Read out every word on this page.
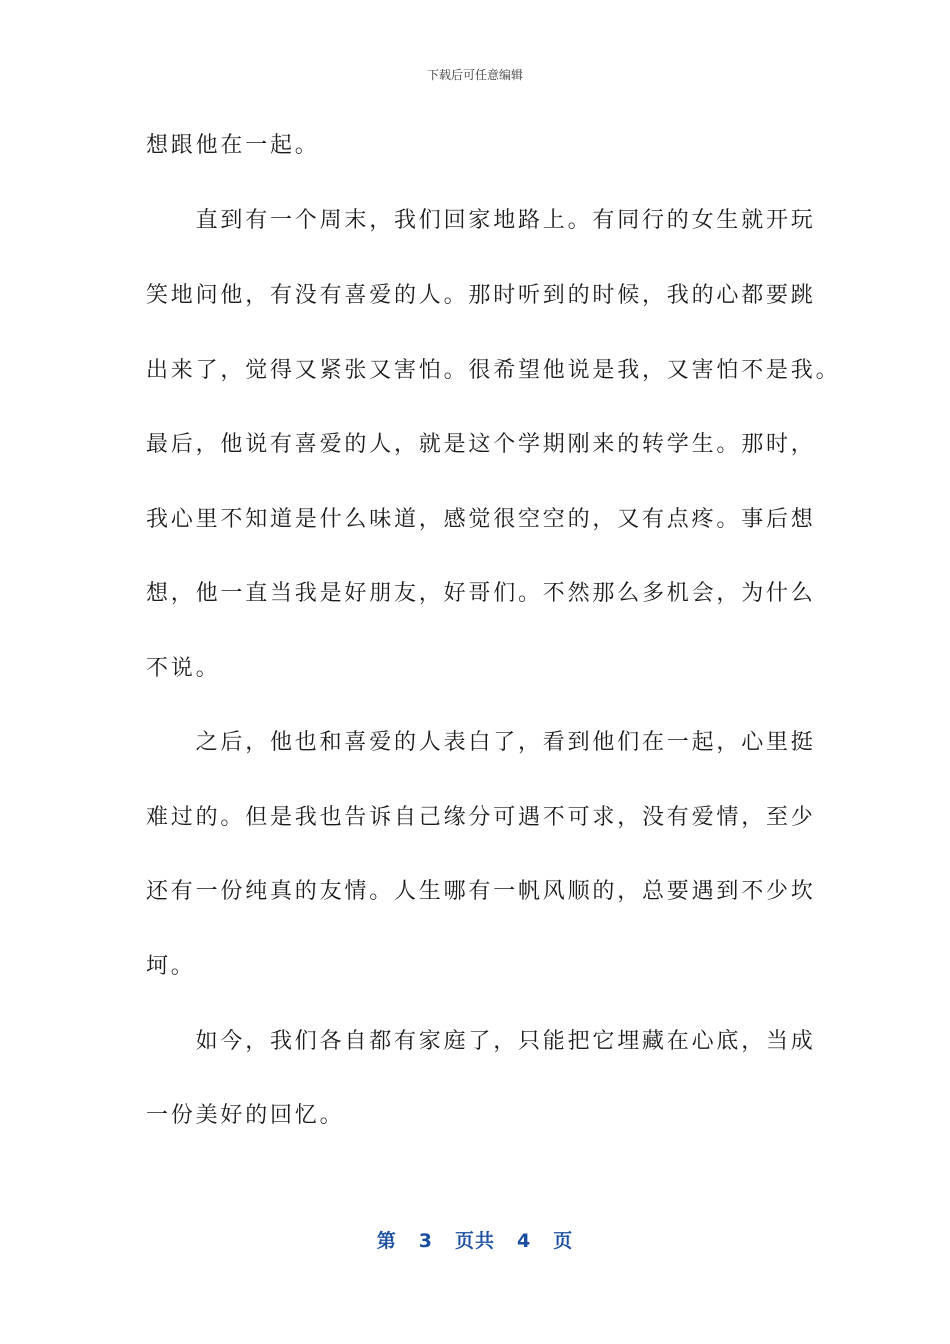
下载后可任意编辑
想跟他在一起。
　　直到有一个周末，我们回家地路上。有同行的女生就开玩
笑地问他，有没有喜爱的人。那时听到的时候，我的心都要跳
出来了，觉得又紧张又害怕。很希望他说是我，又害怕不是我。
最后，他说有喜爱的人，就是这个学期刚来的转学生。那时，
我心里不知道是什么味道，感觉很空空的，又有点疼。事后想
想，他一直当我是好朋友，好哥们。不然那么多机会，为什么
不说。
　　之后，他也和喜爱的人表白了，看到他们在一起，心里挺
难过的。但是我也告诉自己缘分可遇不可求，没有爱情，至少
还有一份纯真的友情。人生哪有一帆风顺的，总要遇到不少坎
坷。
　　如今，我们各自都有家庭了，只能把它埋藏在心底，当成
一份美好的回忆。
第 3 页共 4 页
